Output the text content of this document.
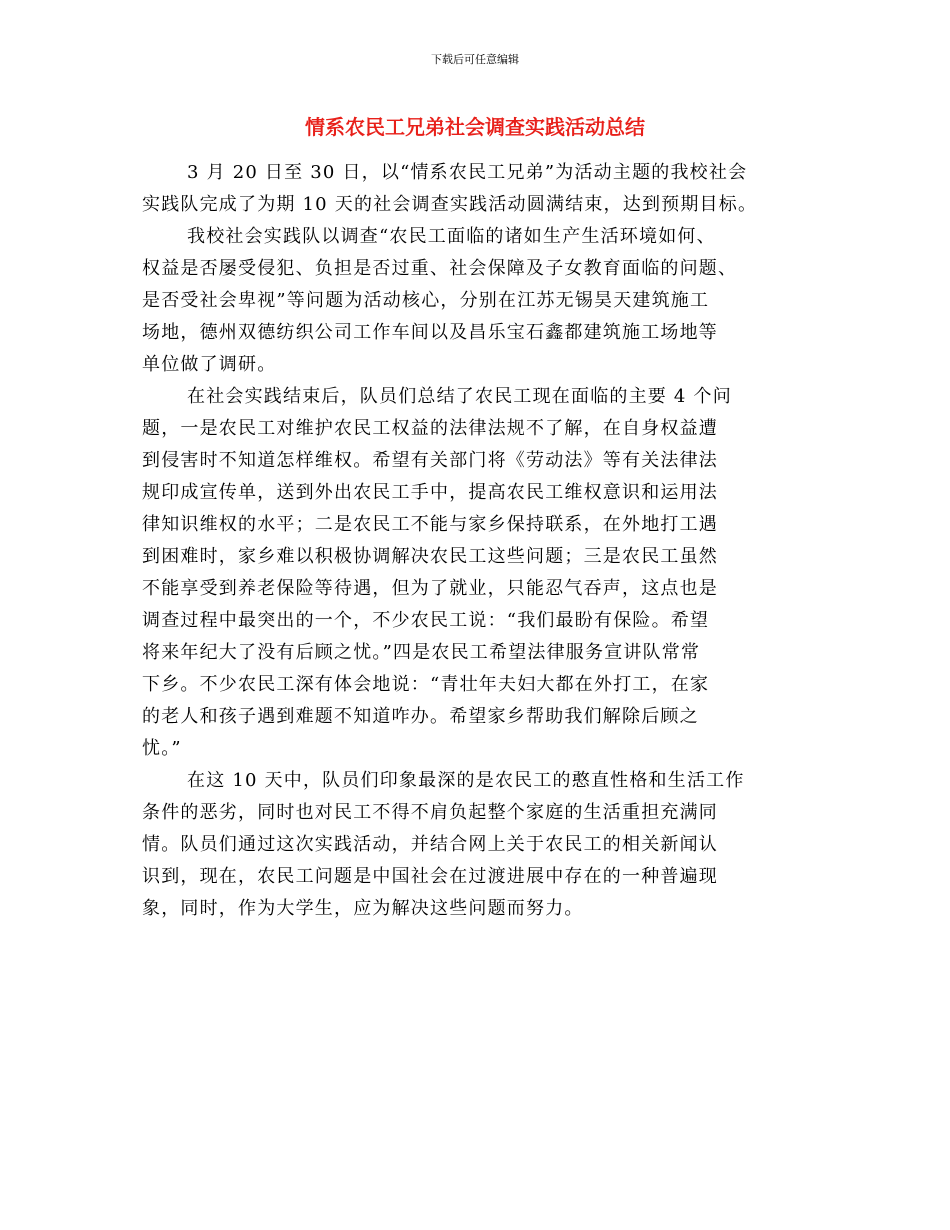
下载后可任意编辑
情系农民工兄弟社会调查实践活动总结
3 月 20 日至 30 日，以“情系农民工兄弟”为活动主题的我校社会
实践队完成了为期 10 天的社会调查实践活动圆满结束，达到预期目标。
我校社会实践队以调查“农民工面临的诸如生产生活环境如何、
权益是否屡受侵犯、负担是否过重、社会保障及子女教育面临的问题、
是否受社会卑视”等问题为活动核心，分别在江苏无锡昊天建筑施工
场地，德州双德纺织公司工作车间以及昌乐宝石鑫都建筑施工场地等
单位做了调研。
在社会实践结束后，队员们总结了农民工现在面临的主要 4 个问
题，一是农民工对维护农民工权益的法律法规不了解，在自身权益遭
到侵害时不知道怎样维权。希望有关部门将《劳动法》等有关法律法
规印成宣传单，送到外出农民工手中，提高农民工维权意识和运用法
律知识维权的水平；二是农民工不能与家乡保持联系，在外地打工遇
到困难时，家乡难以积极协调解决农民工这些问题；三是农民工虽然
不能享受到养老保险等待遇，但为了就业，只能忍气吞声，这点也是
调查过程中最突出的一个，不少农民工说：“我们最盼有保险。希望
将来年纪大了没有后顾之忧。”四是农民工希望法律服务宣讲队常常
下乡。不少农民工深有体会地说：“青壮年夫妇大都在外打工，在家
的老人和孩子遇到难题不知道咋办。希望家乡帮助我们解除后顾之
忧。”
在这 10 天中，队员们印象最深的是农民工的憨直性格和生活工作
条件的恶劣，同时也对民工不得不肩负起整个家庭的生活重担充满同
情。队员们通过这次实践活动，并结合网上关于农民工的相关新闻认
识到，现在，农民工问题是中国社会在过渡进展中存在的一种普遍现
象，同时，作为大学生，应为解决这些问题而努力。
